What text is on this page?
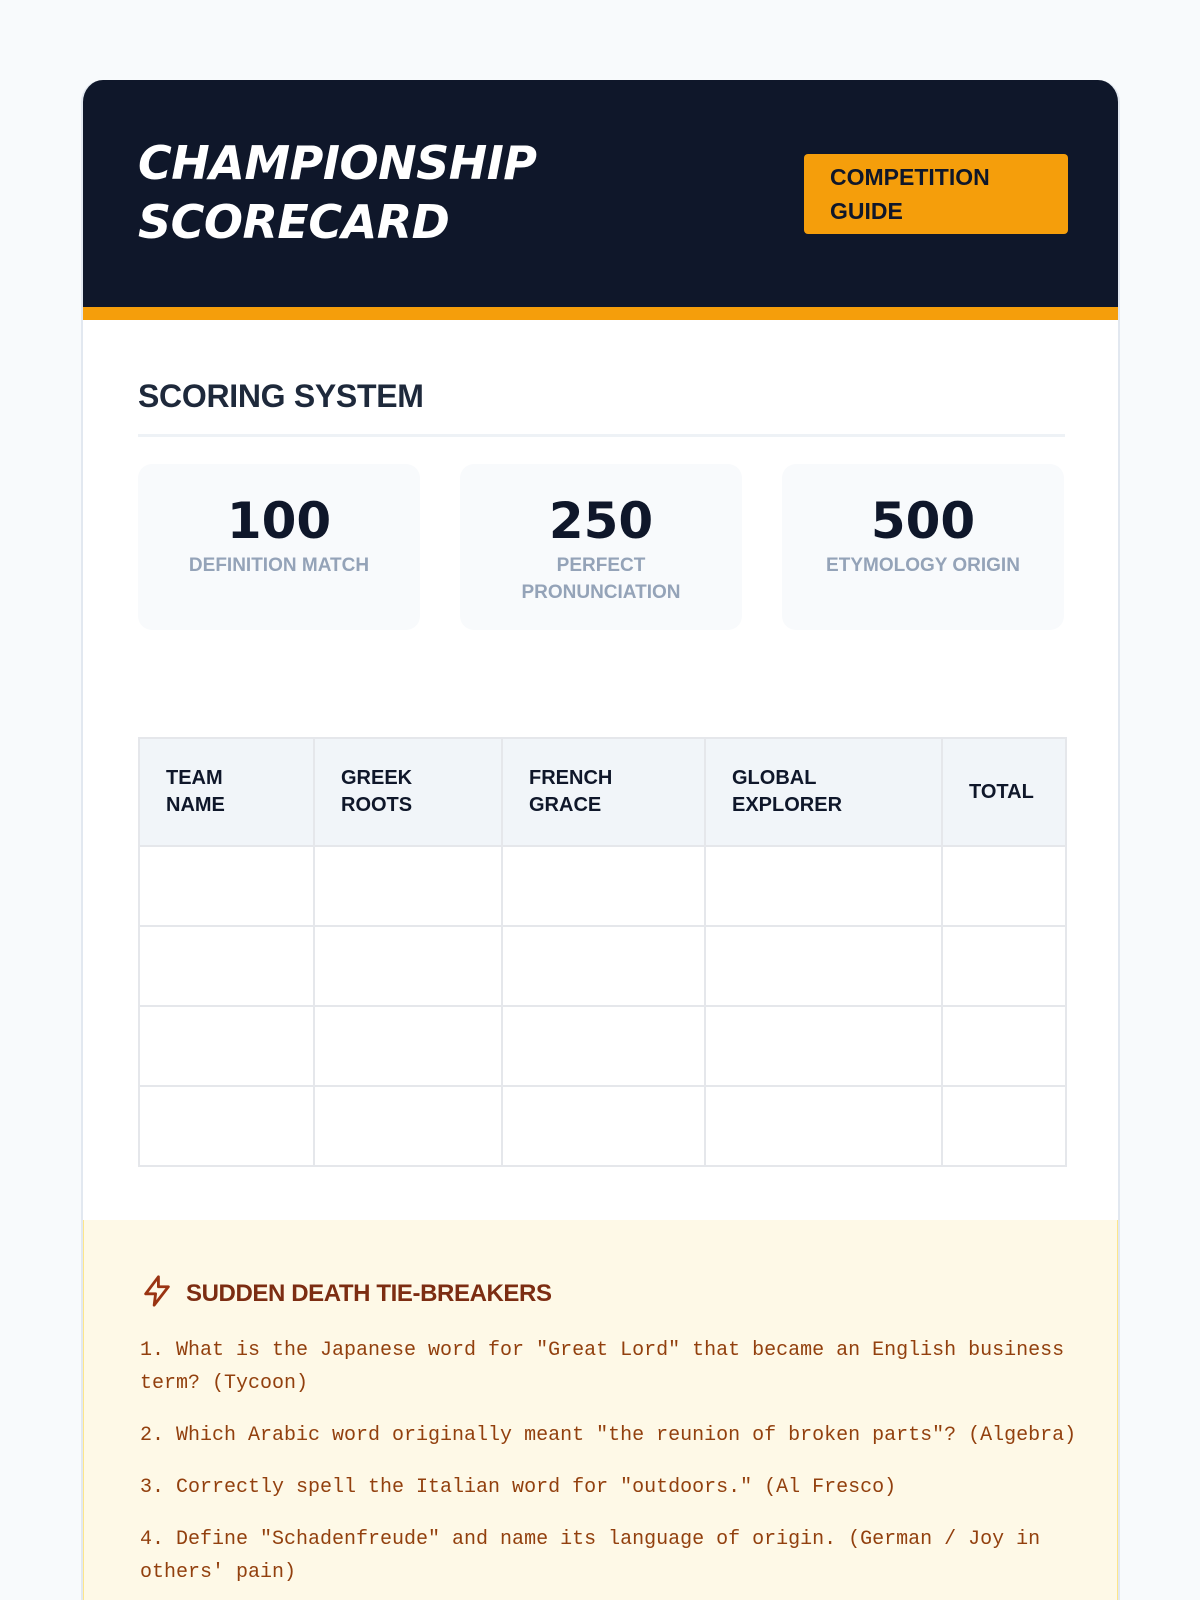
CHAMPIONSHIP
SCORECARD
COMPETITION GUIDE
SCORING SYSTEM
100
DEFINITION MATCH
250
PERFECT PRONUNCIATION
500
ETYMOLOGY ORIGIN
TEAM NAME	GREEK ROOTS	FRENCH GRACE	GLOBAL EXPLORER	TOTAL

SUDDEN DEATH TIE-BREAKERS

1. What is the Japanese word for "Great Lord" that became an English business term? (Tycoon)

2. Which Arabic word originally meant "the reunion of broken parts"? (Algebra)

3. Correctly spell the Italian word for "outdoors." (Al Fresco)

4. Define "Schadenfreude" and name its language of origin. (German / Joy in others' pain)
